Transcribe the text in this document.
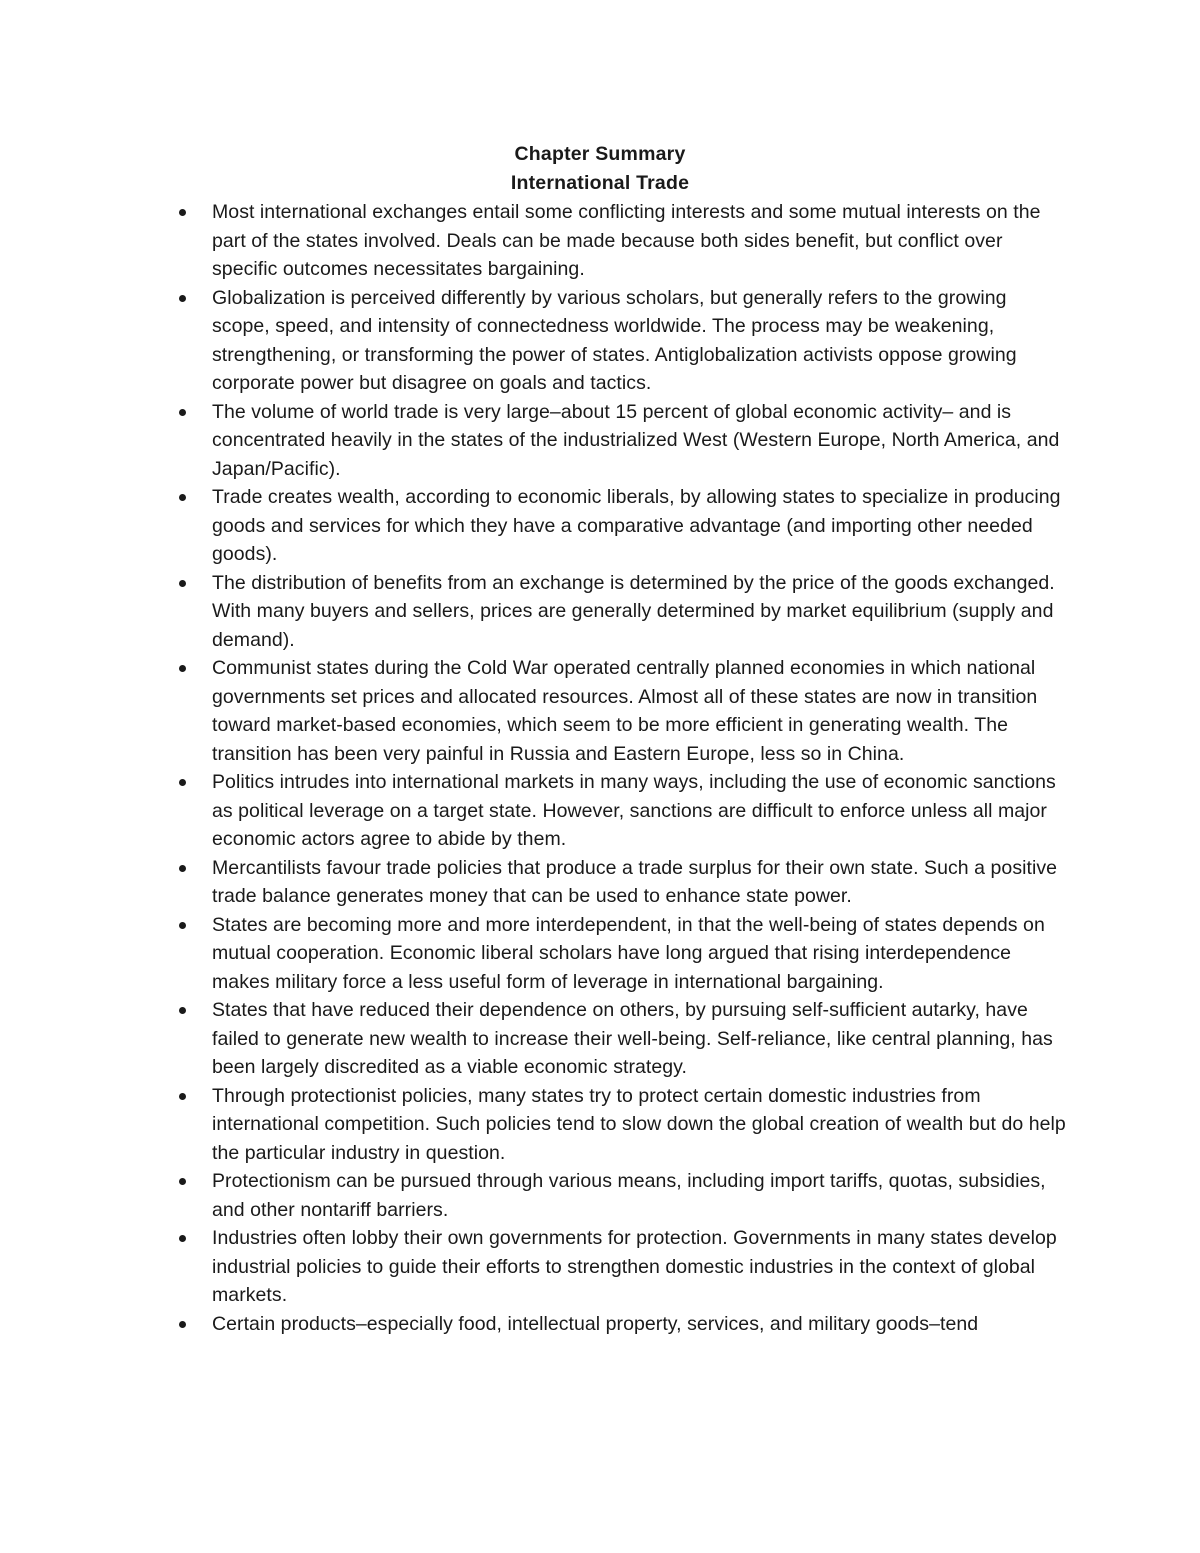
Chapter Summary
International Trade
Most international exchanges entail some conflicting interests and some mutual interests on the part of the states involved. Deals can be made because both sides benefit, but conflict over specific outcomes necessitates bargaining.
Globalization is perceived differently by various scholars, but generally refers to the growing scope, speed, and intensity of connectedness worldwide. The process may be weakening, strengthening, or transforming the power of states. Antiglobalization activists oppose growing corporate power but disagree on goals and tactics.
The volume of world trade is very large–about 15 percent of global economic activity– and is concentrated heavily in the states of the industrialized West (Western Europe, North America, and Japan/Pacific).
Trade creates wealth, according to economic liberals, by allowing states to specialize in producing goods and services for which they have a comparative advantage (and importing other needed goods).
The distribution of benefits from an exchange is determined by the price of the goods exchanged. With many buyers and sellers, prices are generally determined by market equilibrium (supply and demand).
Communist states during the Cold War operated centrally planned economies in which national governments set prices and allocated resources. Almost all of these states are now in transition toward market-based economies, which seem to be more efficient in generating wealth. The transition has been very painful in Russia and Eastern Europe, less so in China.
Politics intrudes into international markets in many ways, including the use of economic sanctions as political leverage on a target state. However, sanctions are difficult to enforce unless all major economic actors agree to abide by them.
Mercantilists favour trade policies that produce a trade surplus for their own state. Such a positive trade balance generates money that can be used to enhance state power.
States are becoming more and more interdependent, in that the well-being of states depends on mutual cooperation. Economic liberal scholars have long argued that rising interdependence makes military force a less useful form of leverage in international bargaining.
States that have reduced their dependence on others, by pursuing self-sufficient autarky, have failed to generate new wealth to increase their well-being. Self-reliance, like central planning, has been largely discredited as a viable economic strategy.
Through protectionist policies, many states try to protect certain domestic industries from international competition. Such policies tend to slow down the global creation of wealth but do help the particular industry in question.
Protectionism can be pursued through various means, including import tariffs, quotas, subsidies, and other nontariff barriers.
Industries often lobby their own governments for protection. Governments in many states develop industrial policies to guide their efforts to strengthen domestic industries in the context of global markets.
Certain products–especially food, intellectual property, services, and military goods–tend
